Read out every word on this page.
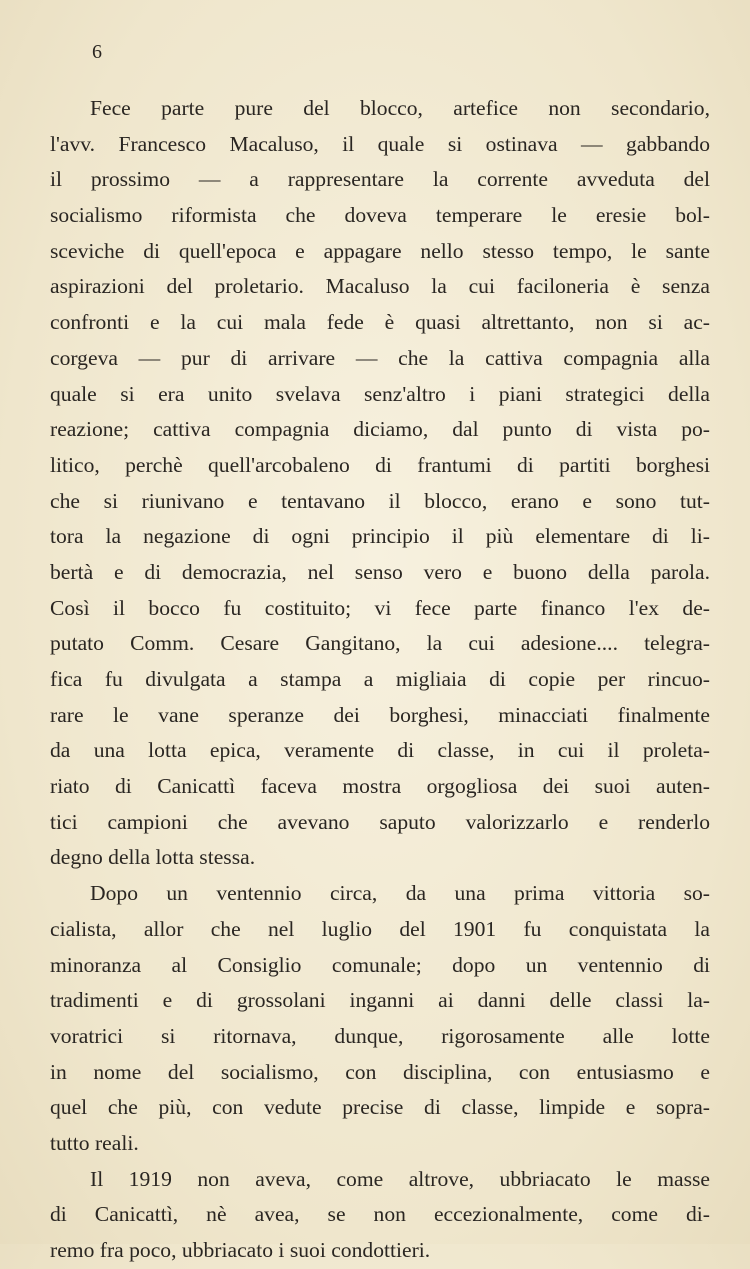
6
Fece parte pure del blocco, artefice non secondario,
l'avv. Francesco Macaluso, il quale si ostinava — gabbando
il prossimo — a rappresentare la corrente avveduta del
socialismo riformista che doveva temperare le eresie bol-
sceviche di quell'epoca e appagare nello stesso tempo, le sante
aspirazioni del proletario. Macaluso la cui faciloneria è senza
confronti e la cui mala fede è quasi altrettanto, non si ac-
corgeva — pur di arrivare — che la cattiva compagnia alla
quale si era unito svelava senz'altro i piani strategici della
reazione; cattiva compagnia diciamo, dal punto di vista po-
litico, perchè quell'arcobaleno di frantumi di partiti borghesi
che si riunivano e tentavano il blocco, erano e sono tut-
tora la negazione di ogni principio il più elementare di li-
bertà e di democrazia, nel senso vero e buono della parola.
Così il bocco fu costituito; vi fece parte financo l'ex de-
putato Comm. Cesare Gangitano, la cui adesione.... telegra-
fica fu divulgata a stampa a migliaia di copie per rincuo-
rare le vane speranze dei borghesi, minacciati finalmente
da una lotta epica, veramente di classe, in cui il proleta-
riato di Canicattì faceva mostra orgogliosa dei suoi auten-
tici campioni che avevano saputo valorizzarlo e renderlo
degno della lotta stessa.
Dopo un ventennio circa, da una prima vittoria so-
cialista, allor che nel luglio del 1901 fu conquistata la
minoranza al Consiglio comunale; dopo un ventennio di
tradimenti e di grossolani inganni ai danni delle classi la-
voratrici si ritornava, dunque, rigorosamente alle lotte
in nome del socialismo, con disciplina, con entusiasmo e
quel che più, con vedute precise di classe, limpide e sopra-
tutto reali.
Il 1919 non aveva, come altrove, ubbriacato le masse
di Canicattì, nè avea, se non eccezionalmente, come di-
remo fra poco, ubbriacato i suoi condottieri.
